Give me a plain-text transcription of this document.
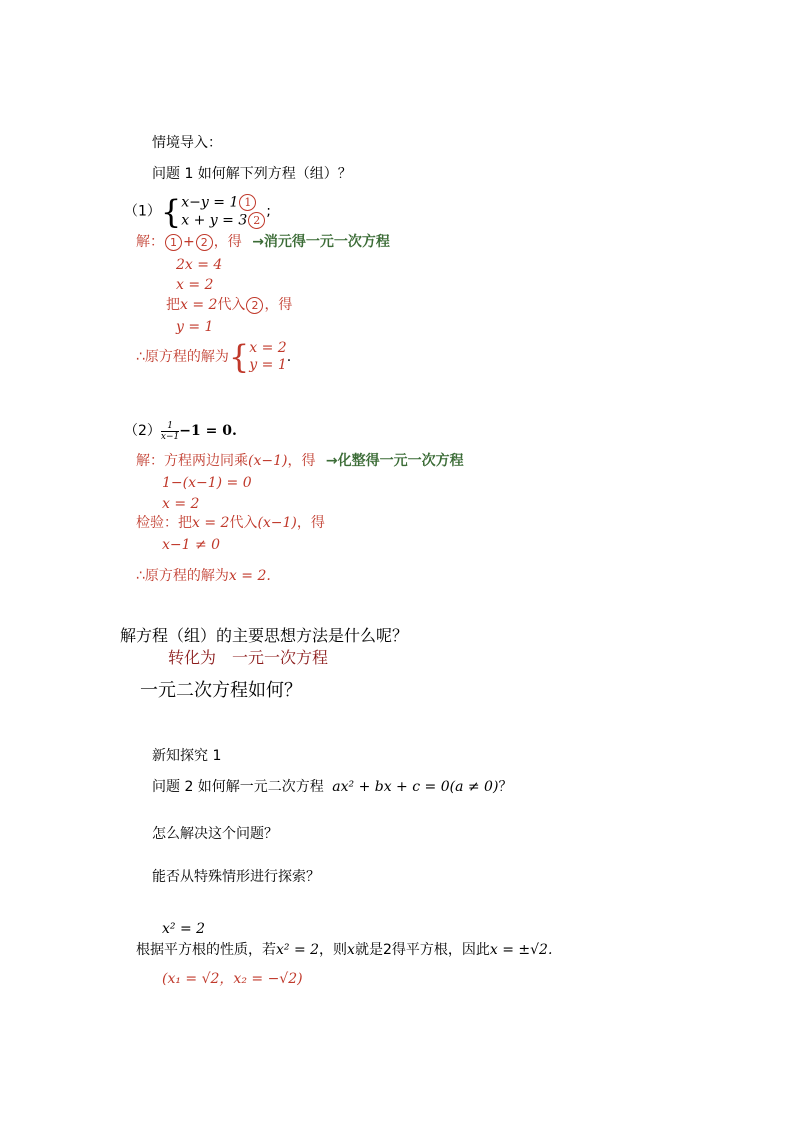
情境导入：
问题 1 如何解下列方程（组）？
（1）{x−y = 1 1
x + y = 3 2;
解： 1 + 2 ，得 →消元得一元一次方程
2x = 4
x = 2
把x = 2代入 2 ，得
y = 1
∴原方程的解为{x = 2
y = 1.
$(2) \frac{1}{x-1} -1 = 0$.
解：方程两边同乘(x−1)，得 →化整得一元一次方程
1−(x−1) = 0
x = 2
检验：把x = 2代入(x−1)，得
x−1 ≠ 0
∴原方程的解为x = 2.
解方程（组）的主要思想方法是什么呢？
转化为 一元一次方程
一元二次方程如何？
新知探究 1
问题 2 如何解一元二次方程 ax² + bx + c = 0(a ≠ 0)？
怎么解决这个问题？
能否从特殊情形进行探索？
x² = 2
根据平方根的性质，若x² = 2，则x就是2得平方根，因此x = ±√2.
(x₁ = √2，x₂ = −√2)
